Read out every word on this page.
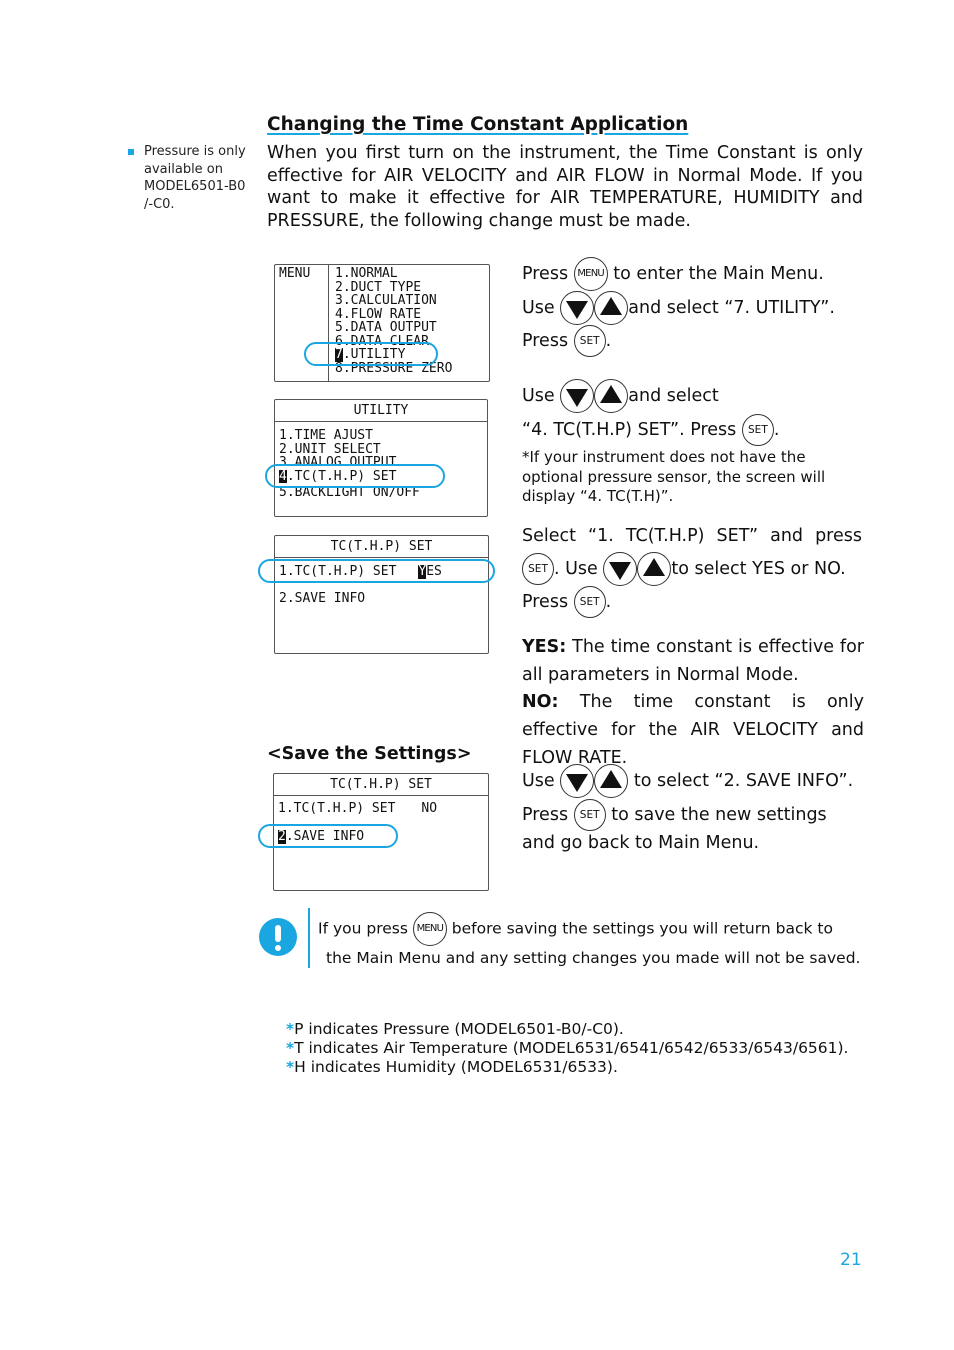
Changing the Time Constant Application
Pressure is only available on MODEL6501-B0 /-C0.
When you first turn on the instrument, the Time Constant is only effective for AIR VELOCITY and AIR FLOW in Normal Mode. If you want to make it effective for AIR TEMPERATURE, HUMIDITY and PRESSURE, the following change must be made.
MENU 1.NORMAL
2.DUCT TYPE
3.CALCULATION
4.FLOW RATE
5.DATA OUTPUT
6.DATA CLEAR
7.UTILITY
8.PRESSURE ZERO
UTILITY
1.TIME AJUST
2.UNIT SELECT
3.ANALOG OUTPUT
4.TC(T.H.P) SET
5.BACKLIGHT ON/OFF
TC(T.H.P) SET
1.TC(T.H.P) SET YES
2.SAVE INFO
Press MENU to enter the Main Menu.
Use	and select “7. UTILITY”.
Press SET .
Use	and select
“4. TC(T.H.P) SET”. Press SET .
*If your instrument does not have the optional pressure sensor, the screen will display “4. TC(T.H)”.
Select “1. TC(T.H.P) SET” and press
SET . Use	to select YES or NO.
Press SET .
YES: The time constant is effective for all parameters in Normal Mode.
NO: The time constant is only effective for the AIR VELOCITY and FLOW RATE.
<Save the Settings>
TC(T.H.P) SET
1.TC(T.H.P) SET NO
2.SAVE INFO
Use	to select “2. SAVE INFO”.
Press SET to save the new settings
and go back to Main Menu.
If you press MENU before saving the settings you will return back to
the Main Menu and any setting changes you made will not be saved.
*P indicates Pressure (MODEL6501-B0/-C0).
*T indicates Air Temperature (MODEL6531/6541/6542/6533/6543/6561).
*H indicates Humidity (MODEL6531/6533).
21
